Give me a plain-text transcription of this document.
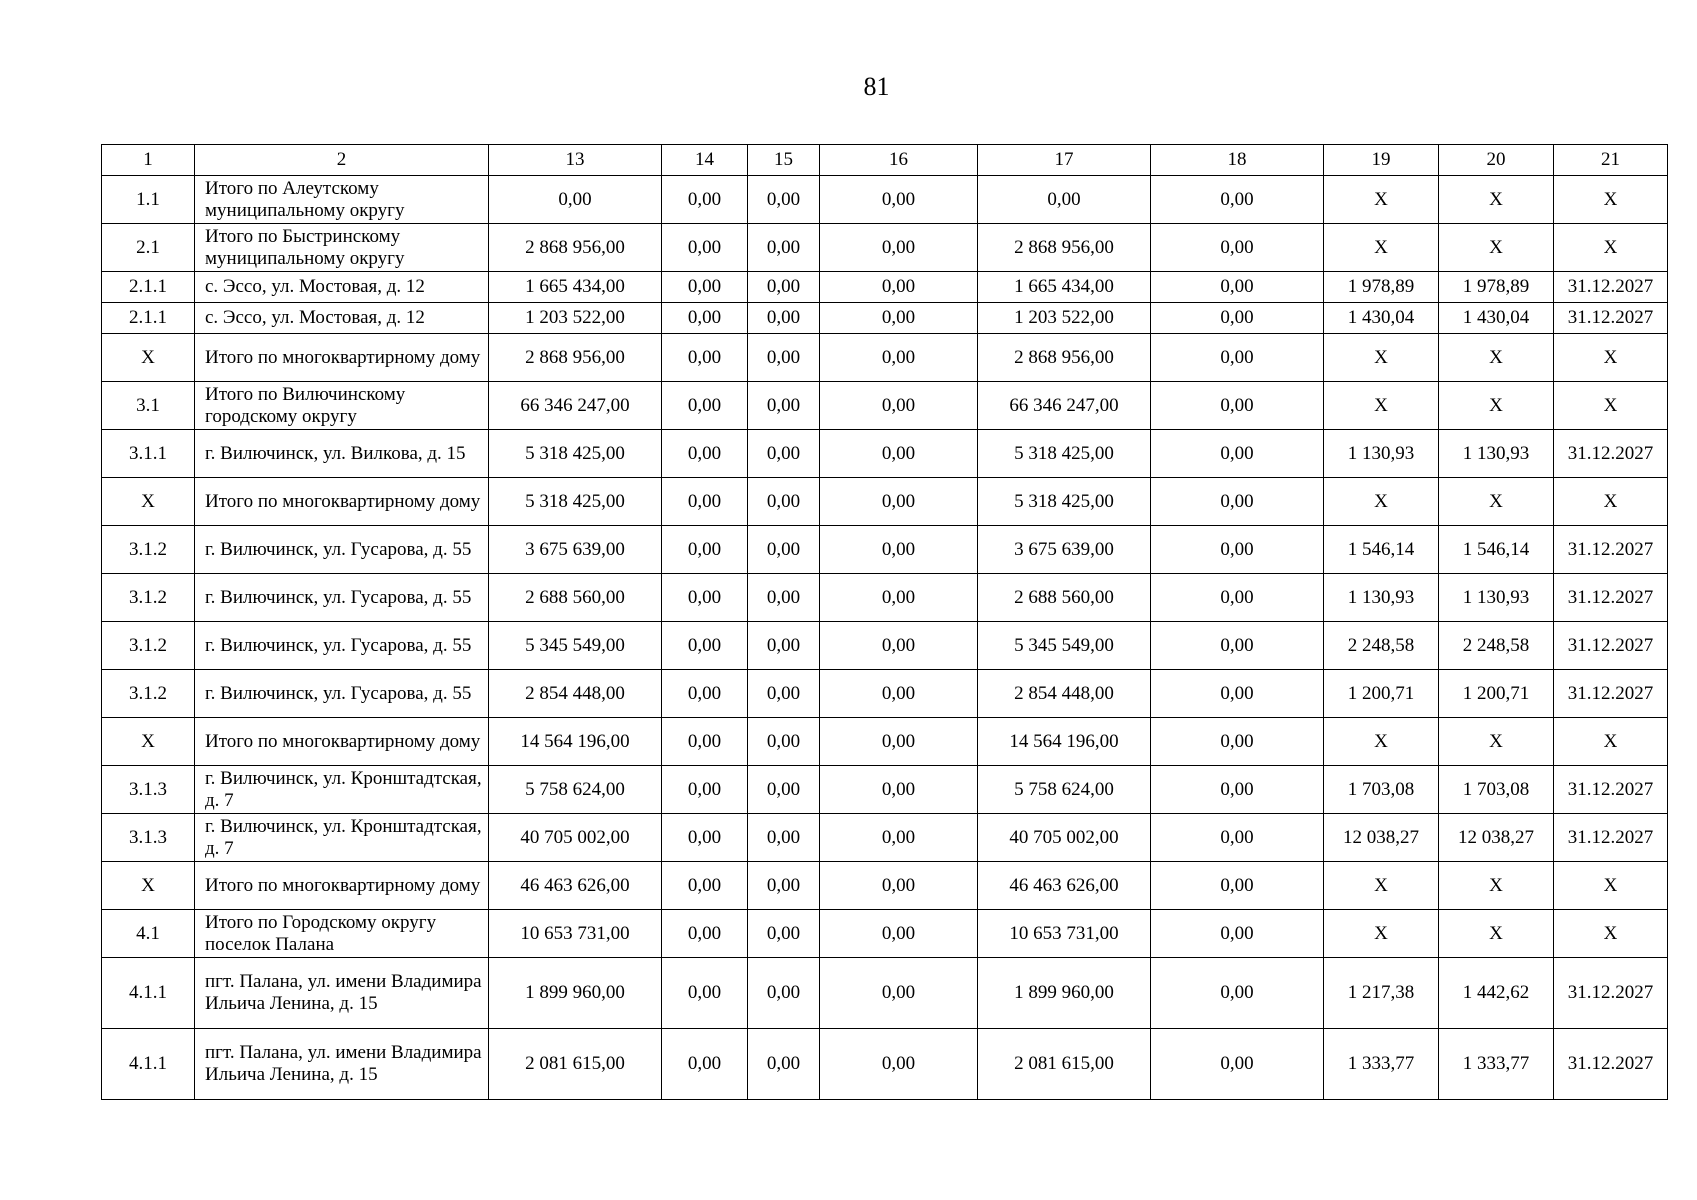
81
1	2	13	14	15	16	17	18	19	20	21
1.1	Итого по Алеутскому муниципальному округу	0,00	0,00	0,00	0,00	0,00	0,00	X	X	X
2.1	Итого по Быстринскому муниципальному округу	2 868 956,00	0,00	0,00	0,00	2 868 956,00	0,00	X	X	X
2.1.1	с. Эссо, ул. Мостовая, д. 12	1 665 434,00	0,00	0,00	0,00	1 665 434,00	0,00	1 978,89	1 978,89	31.12.2027
2.1.1	с. Эссо, ул. Мостовая, д. 12	1 203 522,00	0,00	0,00	0,00	1 203 522,00	0,00	1 430,04	1 430,04	31.12.2027
X	Итого по многоквартирному дому	2 868 956,00	0,00	0,00	0,00	2 868 956,00	0,00	X	X	X
3.1	Итого по Вилючинскому городскому округу	66 346 247,00	0,00	0,00	0,00	66 346 247,00	0,00	X	X	X
3.1.1	г. Вилючинск, ул. Вилкова, д. 15	5 318 425,00	0,00	0,00	0,00	5 318 425,00	0,00	1 130,93	1 130,93	31.12.2027
X	Итого по многоквартирному дому	5 318 425,00	0,00	0,00	0,00	5 318 425,00	0,00	X	X	X
3.1.2	г. Вилючинск, ул. Гусарова, д. 55	3 675 639,00	0,00	0,00	0,00	3 675 639,00	0,00	1 546,14	1 546,14	31.12.2027
3.1.2	г. Вилючинск, ул. Гусарова, д. 55	2 688 560,00	0,00	0,00	0,00	2 688 560,00	0,00	1 130,93	1 130,93	31.12.2027
3.1.2	г. Вилючинск, ул. Гусарова, д. 55	5 345 549,00	0,00	0,00	0,00	5 345 549,00	0,00	2 248,58	2 248,58	31.12.2027
3.1.2	г. Вилючинск, ул. Гусарова, д. 55	2 854 448,00	0,00	0,00	0,00	2 854 448,00	0,00	1 200,71	1 200,71	31.12.2027
X	Итого по многоквартирному дому	14 564 196,00	0,00	0,00	0,00	14 564 196,00	0,00	X	X	X
3.1.3	г. Вилючинск, ул. Кронштадтская, д. 7	5 758 624,00	0,00	0,00	0,00	5 758 624,00	0,00	1 703,08	1 703,08	31.12.2027
3.1.3	г. Вилючинск, ул. Кронштадтская, д. 7	40 705 002,00	0,00	0,00	0,00	40 705 002,00	0,00	12 038,27	12 038,27	31.12.2027
X	Итого по многоквартирному дому	46 463 626,00	0,00	0,00	0,00	46 463 626,00	0,00	X	X	X
4.1	Итого по Городскому округу поселок Палана	10 653 731,00	0,00	0,00	0,00	10 653 731,00	0,00	X	X	X
4.1.1	пгт. Палана, ул. имени Владимира Ильича Ленина, д. 15	1 899 960,00	0,00	0,00	0,00	1 899 960,00	0,00	1 217,38	1 442,62	31.12.2027
4.1.1	пгт. Палана, ул. имени Владимира Ильича Ленина, д. 15	2 081 615,00	0,00	0,00	0,00	2 081 615,00	0,00	1 333,77	1 333,77	31.12.2027
